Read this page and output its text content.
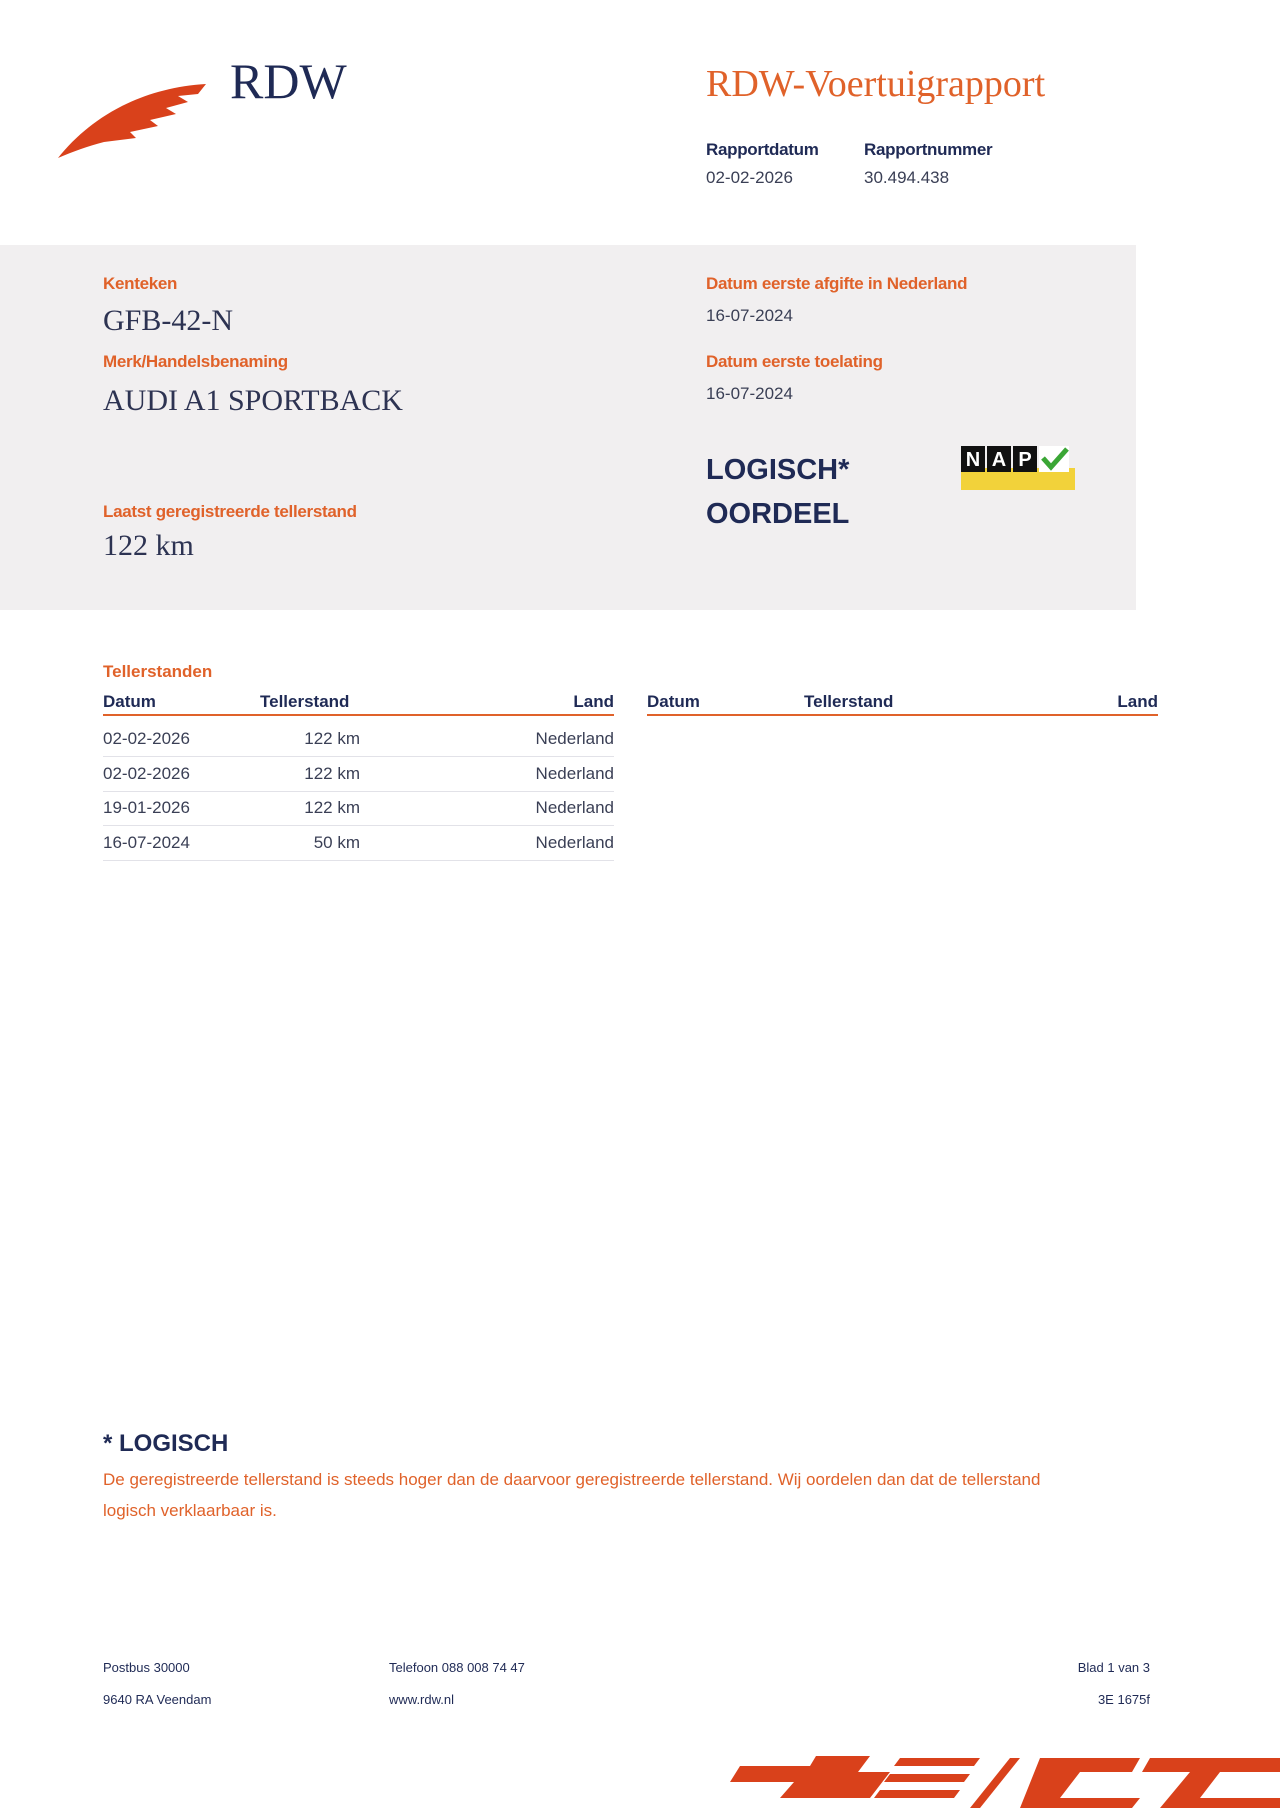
RDW	RDW-Voertuigrapport
Rapportdatum
02-02-2026
Rapportnummer
30.494.438
Kenteken
GFB-42-N
Merk/Handelsbenaming
AUDI A1 SPORTBACK
Laatst geregistreerde tellerstand
122 km
Datum eerste afgifte in Nederland
16-07-2024
Datum eerste toelating
16-07-2024
LOGISCH*
OORDEEL
N A P
Tellerstanden
Datum	Tellerstand	Land Datum	Tellerstand	Land
02-02-2026	122 km	Nederland
02-02-2026	122 km	Nederland
19-01-2026	122 km	Nederland
16-07-2024	50 km	Nederland
* LOGISCH
De geregistreerde tellerstand is steeds hoger dan de daarvoor geregistreerde tellerstand. Wij oordelen dan dat de tellerstand logisch verklaarbaar is.
Postbus 30000
9640 RA Veendam
Telefoon 088 008 74 47
www.rdw.nl
Blad 1 van 3
3E 1675f
